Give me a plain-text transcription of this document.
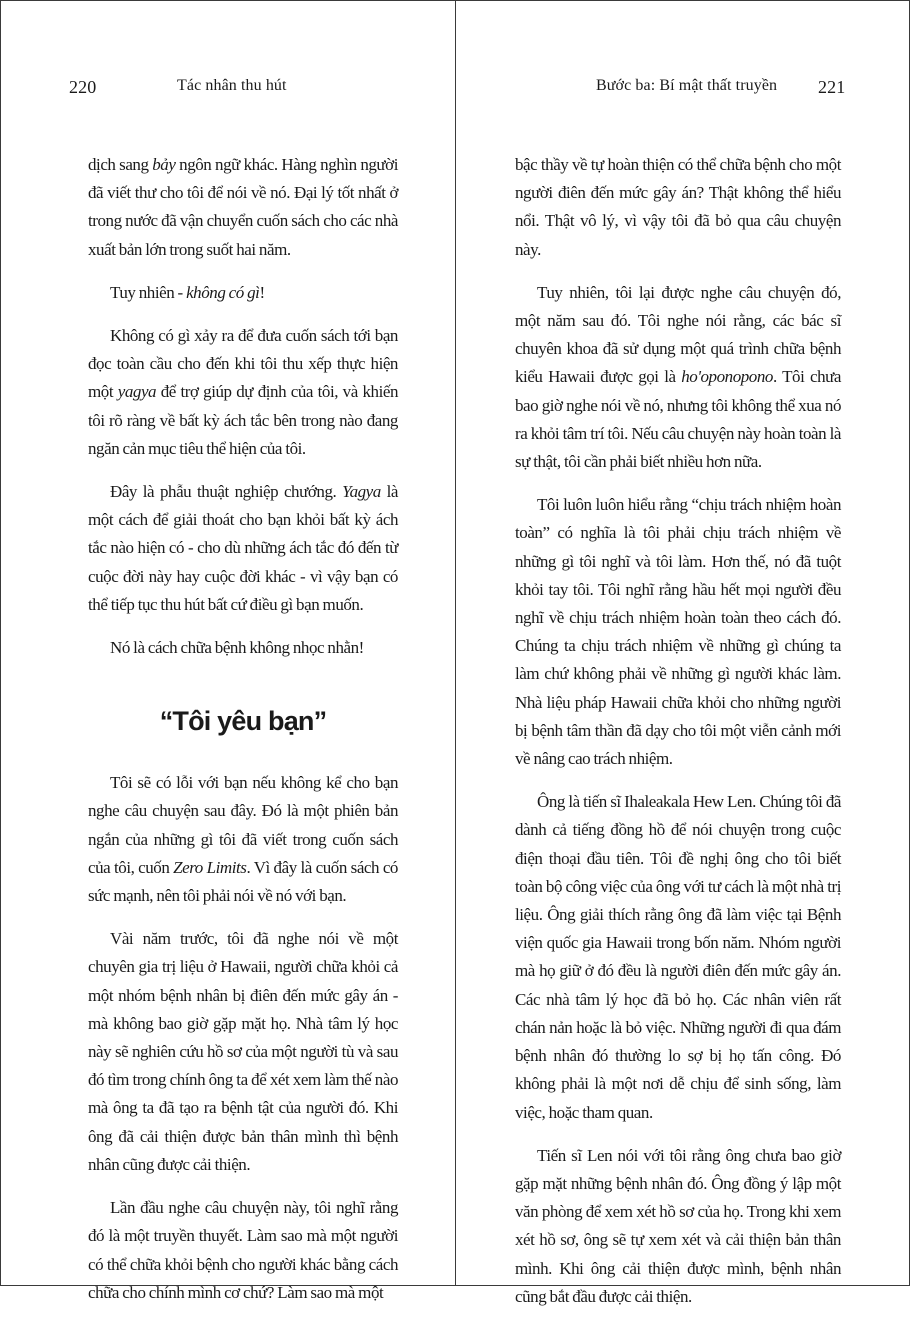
220	Tác nhân thu hút

dịch sang bảy ngôn ngữ khác. Hàng nghìn người đã viết thư cho tôi để nói về nó. Đại lý tốt nhất ở trong nước đã vận chuyển cuốn sách cho các nhà xuất bản lớn trong suốt hai năm.

Tuy nhiên - không có gì!

Không có gì xảy ra để đưa cuốn sách tới bạn đọc toàn cầu cho đến khi tôi thu xếp thực hiện một yagya để trợ giúp dự định của tôi, và khiến tôi rõ ràng về bất kỳ ách tắc bên trong nào đang ngăn cản mục tiêu thể hiện của tôi.

Đây là phẫu thuật nghiệp chướng. Yagya là một cách để giải thoát cho bạn khỏi bất kỳ ách tắc nào hiện có - cho dù những ách tắc đó đến từ cuộc đời này hay cuộc đời khác - vì vậy bạn có thể tiếp tục thu hút bất cứ điều gì bạn muốn.

Nó là cách chữa bệnh không nhọc nhằn!

“Tôi yêu bạn”

Tôi sẽ có lỗi với bạn nếu không kể cho bạn nghe câu chuyện sau đây. Đó là một phiên bản ngắn của những gì tôi đã viết trong cuốn sách của tôi, cuốn Zero Limits. Vì đây là cuốn sách có sức mạnh, nên tôi phải nói về nó với bạn.

Vài năm trước, tôi đã nghe nói về một chuyên gia trị liệu ở Hawaii, người chữa khỏi cả một nhóm bệnh nhân bị điên đến mức gây án - mà không bao giờ gặp mặt họ. Nhà tâm lý học này sẽ nghiên cứu hồ sơ của một người tù và sau đó tìm trong chính ông ta để xét xem làm thế nào mà ông ta đã tạo ra bệnh tật của người đó. Khi ông đã cải thiện được bản thân mình thì bệnh nhân cũng được cải thiện.

Lần đầu nghe câu chuyện này, tôi nghĩ rằng đó là một truyền thuyết. Làm sao mà một người có thể chữa khỏi bệnh cho người khác bằng cách chữa cho chính mình cơ chứ? Làm sao mà một

Bước ba: Bí mật thất truyền 221

bậc thầy về tự hoàn thiện có thể chữa bệnh cho một người điên đến mức gây án? Thật không thể hiểu nổi. Thật vô lý, vì vậy tôi đã bỏ qua câu chuyện này.

Tuy nhiên, tôi lại được nghe câu chuyện đó, một năm sau đó. Tôi nghe nói rằng, các bác sĩ chuyên khoa đã sử dụng một quá trình chữa bệnh kiểu Hawaii được gọi là ho'oponopono. Tôi chưa bao giờ nghe nói về nó, nhưng tôi không thể xua nó ra khỏi tâm trí tôi. Nếu câu chuyện này hoàn toàn là sự thật, tôi cần phải biết nhiều hơn nữa.

Tôi luôn luôn hiểu rằng “chịu trách nhiệm hoàn toàn” có nghĩa là tôi phải chịu trách nhiệm về những gì tôi nghĩ và tôi làm. Hơn thế, nó đã tuột khỏi tay tôi. Tôi nghĩ rằng hầu hết mọi người đều nghĩ về chịu trách nhiệm hoàn toàn theo cách đó. Chúng ta chịu trách nhiệm về những gì chúng ta làm chứ không phải về những gì người khác làm. Nhà liệu pháp Hawaii chữa khỏi cho những người bị bệnh tâm thần đã dạy cho tôi một viễn cảnh mới về nâng cao trách nhiệm.

Ông là tiến sĩ Ihaleakala Hew Len. Chúng tôi đã dành cả tiếng đồng hồ để nói chuyện trong cuộc điện thoại đầu tiên. Tôi đề nghị ông cho tôi biết toàn bộ công việc của ông với tư cách là một nhà trị liệu. Ông giải thích rằng ông đã làm việc tại Bệnh viện quốc gia Hawaii trong bốn năm. Nhóm người mà họ giữ ở đó đều là người điên đến mức gây án. Các nhà tâm lý học đã bỏ họ. Các nhân viên rất chán nản hoặc là bỏ việc. Những người đi qua đám bệnh nhân đó thường lo sợ bị họ tấn công. Đó không phải là một nơi dễ chịu để sinh sống, làm việc, hoặc tham quan.

Tiến sĩ Len nói với tôi rằng ông chưa bao giờ gặp mặt những bệnh nhân đó. Ông đồng ý lập một văn phòng để xem xét hồ sơ của họ. Trong khi xem xét hồ sơ, ông sẽ tự xem xét và cải thiện bản thân mình. Khi ông cải thiện được mình, bệnh nhân cũng bắt đầu được cải thiện.
